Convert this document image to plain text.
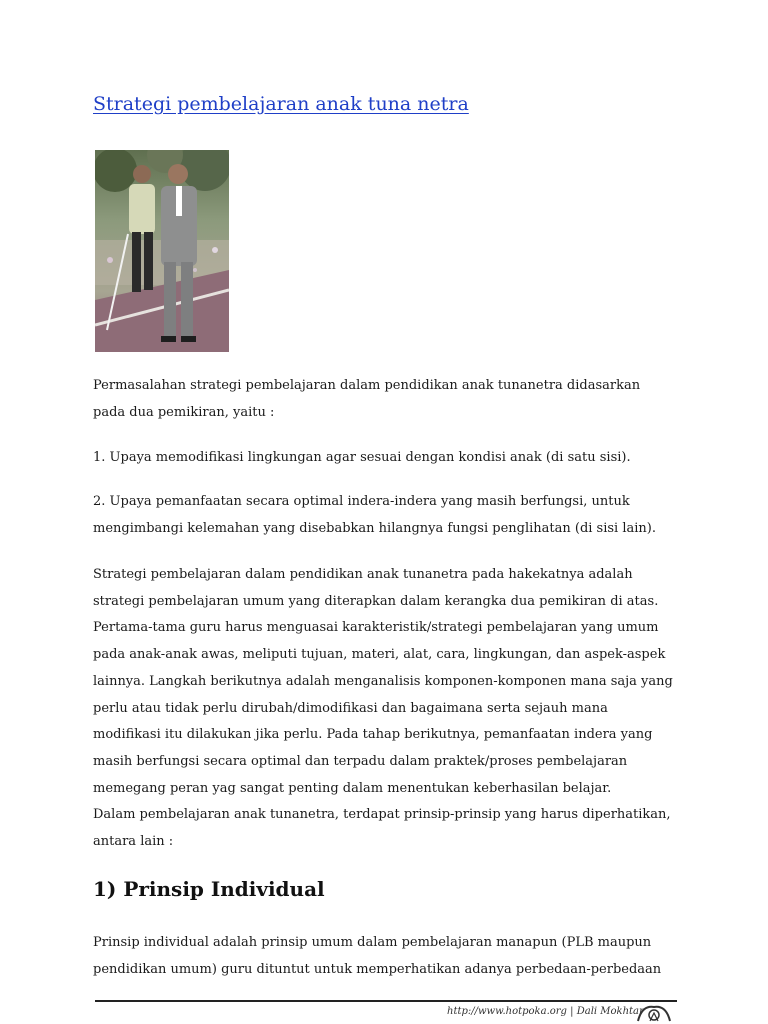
Strategi pembelajaran anak tuna netra

Permasalahan strategi pembelajaran dalam pendidikan anak tunanetra didasarkan pada dua pemikiran, yaitu :

1. Upaya memodifikasi lingkungan agar sesuai dengan kondisi anak (di satu sisi).

2. Upaya pemanfaatan secara optimal indera-indera yang masih berfungsi, untuk mengimbangi kelemahan yang disebabkan hilangnya fungsi penglihatan (di sisi lain).

Strategi pembelajaran dalam pendidikan anak tunanetra pada hakekatnya adalah strategi pembelajaran umum yang diterapkan dalam kerangka dua pemikiran di atas. Pertama-tama guru harus menguasai karakteristik/strategi pembelajaran yang umum pada anak-anak awas, meliputi tujuan, materi, alat, cara, lingkungan, dan aspek-aspek lainnya. Langkah berikutnya adalah menganalisis komponen-komponen mana saja yang perlu atau tidak perlu dirubah/dimodifikasi dan bagaimana serta sejauh mana modifikasi itu dilakukan jika perlu. Pada tahap berikutnya, pemanfaatan indera yang masih berfungsi secara optimal dan terpadu dalam praktek/proses pembelajaran memegang peran yag sangat penting dalam menentukan keberhasilan belajar.
Dalam pembelajaran anak tunanetra, terdapat prinsip-prinsip yang harus diperhatikan, antara lain :
1) Prinsip Individual

Prinsip individual adalah prinsip umum dalam pembelajaran manapun (PLB maupun pendidikan umum) guru dituntut untuk memperhatikan adanya perbedaan-perbedaan

http://www.hotpoka.org | Dali Mokhtar
